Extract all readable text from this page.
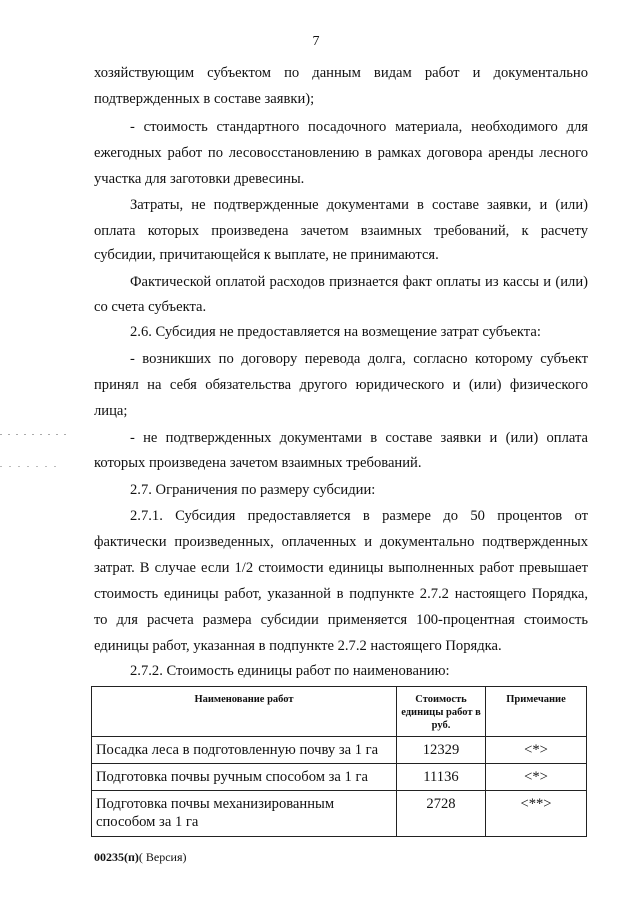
7
хозяйствующим субъектом по данным видам работ и документально
подтвержденных в составе заявки);
- стоимость стандартного посадочного материала, необходимого для
ежегодных работ по лесовосстановлению в рамках договора аренды лесного
участка для заготовки древесины.
Затраты, не подтвержденные документами в составе заявки, и (или)
оплата которых произведена зачетом взаимных требований, к расчету
субсидии, причитающейся к выплате, не принимаются.
Фактической оплатой расходов признается факт оплаты из кассы и (или)
со счета субъекта.
2.6. Субсидия не предоставляется на возмещение затрат субъекта:
- возникших по договору перевода долга, согласно которому субъект
принял на себя обязательства другого юридического и (или) физического
лица;
- не подтвержденных документами в составе заявки и (или) оплата
которых произведена зачетом взаимных требований.
2.7. Ограничения по размеру субсидии:
2.7.1. Субсидия предоставляется в размере до 50 процентов от
фактически произведенных, оплаченных и документально подтвержденных
затрат. В случае если 1/2 стоимости единицы выполненных работ превышает
стоимость единицы работ, указанной в подпункте 2.7.2 настоящего Порядка,
то для расчета размера субсидии применяется 100-процентная стоимость
единицы работ, указанная в подпункте 2.7.2 настоящего Порядка.
2.7.2. Стоимость единицы работ по наименованию:
Наименование работ	Стоимость единицы работ в руб.	Примечание
Посадка леса в подготовленную почву за 1 га	12329	<*>
Подготовка почвы ручным способом за 1 га	11136	<*>
Подготовка почвы механизированным способом за 1 га	2728	<**>
00235(п)( Версия)
